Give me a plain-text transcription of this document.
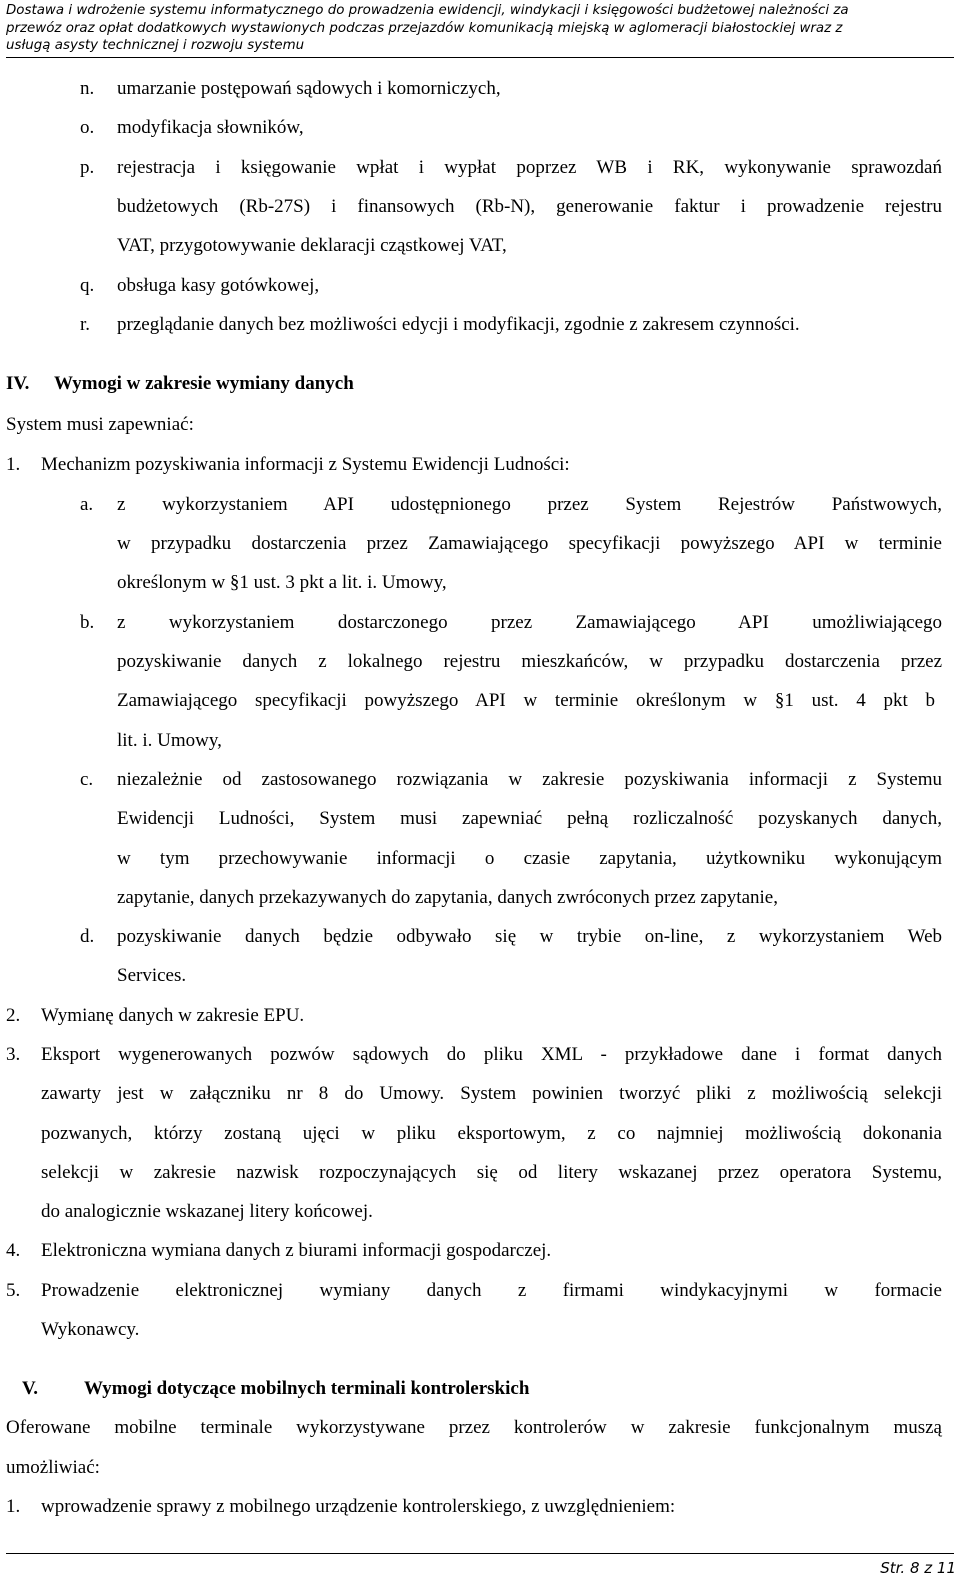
Dostawa i wdrożenie systemu informatycznego do prowadzenia ewidencji, windykacji i księgowości budżetowej należności za
przewóz oraz opłat dodatkowych wystawionych podczas przejazdów komunikacją miejską w aglomeracji białostockiej wraz z
usługą asysty technicznej i rozwoju systemu
n. umarzanie postępowań sądowych i komorniczych,
o. modyfikacja słowników,
p. rejestracja i księgowanie wpłat i wypłat poprzez WB i RK, wykonywanie sprawozdań
budżetowych (Rb-27S) i finansowych (Rb-N), generowanie faktur i prowadzenie rejestru
VAT, przygotowywanie deklaracji cząstkowej VAT,
q. obsługa kasy gotówkowej,
r. przeglądanie danych bez możliwości edycji i modyfikacji, zgodnie z zakresem czynności.
IV. Wymogi w zakresie wymiany danych
System musi zapewniać:
1. Mechanizm pozyskiwania informacji z Systemu Ewidencji Ludności:
a. z wykorzystaniem API udostępnionego przez System Rejestrów Państwowych,
w przypadku dostarczenia przez Zamawiającego specyfikacji powyższego API w terminie
określonym w §1 ust. 3 pkt a lit. i. Umowy,
b. z wykorzystaniem dostarczonego przez Zamawiającego API umożliwiającego
pozyskiwanie danych z lokalnego rejestru mieszkańców, w przypadku dostarczenia przez
Zamawiającego specyfikacji powyższego API w terminie określonym w §1 ust. 4 pkt b
lit. i. Umowy,
c. niezależnie od zastosowanego rozwiązania w zakresie pozyskiwania informacji z Systemu
Ewidencji Ludności, System musi zapewniać pełną rozliczalność pozyskanych danych,
w tym przechowywanie informacji o czasie zapytania, użytkowniku wykonującym
zapytanie, danych przekazywanych do zapytania, danych zwróconych przez zapytanie,
d. pozyskiwanie danych będzie odbywało się w trybie on-line, z wykorzystaniem Web
Services.
2. Wymianę danych w zakresie EPU.
3. Eksport wygenerowanych pozwów sądowych do pliku XML - przykładowe dane i format danych
zawarty jest w załączniku nr 8 do Umowy. System powinien tworzyć pliki z możliwością selekcji
pozwanych, którzy zostaną ujęci w pliku eksportowym, z co najmniej możliwością dokonania
selekcji w zakresie nazwisk rozpoczynających się od litery wskazanej przez operatora Systemu,
do analogicznie wskazanej litery końcowej.
4. Elektroniczna wymiana danych z biurami informacji gospodarczej.
5. Prowadzenie elektronicznej wymiany danych z firmami windykacyjnymi w formacie
Wykonawcy.
V. Wymogi dotyczące mobilnych terminali kontrolerskich
Oferowane mobilne terminale wykorzystywane przez kontrolerów w zakresie funkcjonalnym muszą
umożliwiać:
1. wprowadzenie sprawy z mobilnego urządzenie kontrolerskiego, z uwzględnieniem:
Str. 8 z 11
